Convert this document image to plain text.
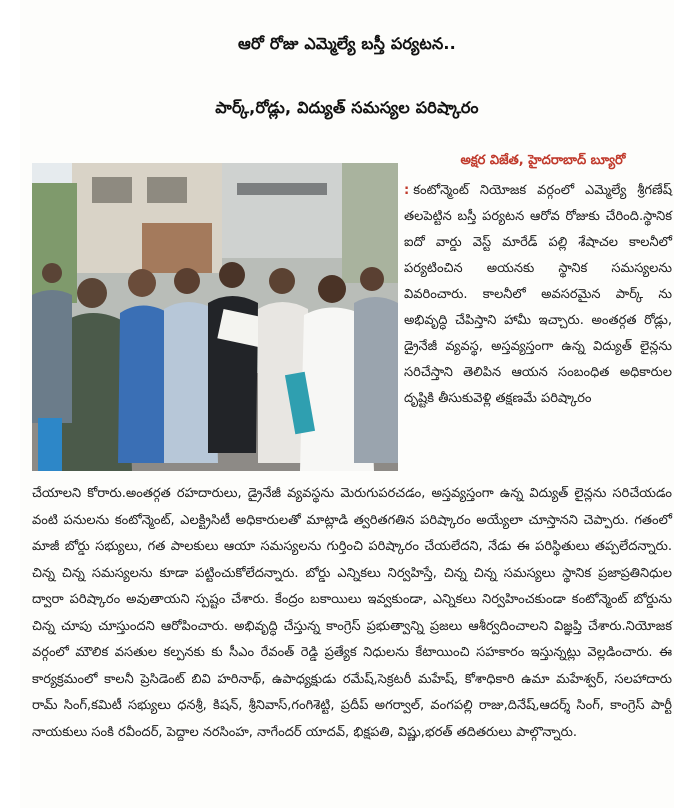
ఆరో రోజు ఎమ్మెల్యే బస్తీ పర్యటన..
పార్క్,రోడ్లు, విద్యుత్ సమస్యల పరిష్కారం
అక్షర విజేత, హైదరాబాద్ బ్యూరో

: కంటోన్మెంట్ నియోజక వర్గంలో ఎమ్మెల్యే శ్రీగణేష్ తలపెట్టిన బస్తీ పర్యటన ఆరోవ రోజుకు చేరింది.స్థానిక ఐదో వార్డు వెస్ట్ మారేడ్ పల్లి శేషాచల కాలనీలో పర్యటించిన అయనకు స్థానిక సమస్యలను వివరించారు. కాలనీలో అవసరమైన పార్క్ ను అభివృద్ధి చేపిస్తాని హామీ ఇచ్చారు. అంతర్గత రోడ్లు, డ్రైనేజీ వ్యవస్థ, అస్తవ్యస్తంగా ఉన్న విద్యుత్ లైన్లను సరిచేస్తాని తెలిపిన ఆయన సంబంధిత అధికారుల దృష్టికి తీసుకువెళ్లి తక్షణమే పరిష్కారం

చేయాలని కోరారు.అంతర్గత రహదారులు, డ్రైనేజీ వ్యవస్థను మెరుగుపరచడం, అస్తవ్యస్తంగా ఉన్న విద్యుత్ లైన్లను సరిచేయడం వంటి పనులను కంటోన్మెంట్, ఎలక్ట్రిసిటీ అధికారులతో మాట్లాడి త్వరితగతిన పరిష్కారం అయ్యేలా చూస్తానని చెప్పారు. గతంలో మాజీ బోర్డు సభ్యులు, గత పాలకులు ఆయా సమస్యలను గుర్తించి పరిష్కారం చేయలేదని, నేడు ఈ పరిస్థితులు తప్పలేదన్నారు. చిన్న చిన్న సమస్యలను కూడా పట్టించుకోలేదన్నారు. బోర్డు ఎన్నికలు నిర్వహిస్తే, చిన్న చిన్న సమస్యలు స్థానిక ప్రజాప్రతినిధుల ద్వారా పరిష్కారం అవుతాయని స్పష్టం చేశారు. కేంద్రం బకాయిలు ఇవ్వకుండా, ఎన్నికలు నిర్వహించకుండా కంటోన్మెంట్ బోర్డును చిన్న చూపు చూస్తుందని ఆరోపించారు. అభివృద్ధి చేస్తున్న కాంగ్రెస్ ప్రభుత్వాన్ని ప్రజలు ఆశీర్వదించాలని విజ్ఞప్తి చేశారు.నియోజక వర్గంలో మౌలిక వసతుల కల్పనకు కు సీఎం రేవంత్ రెడ్డి ప్రత్యేక నిధులను కేటాయించి సహకారం ఇస్తున్నట్లు వెల్లడించారు. ఈ కార్యక్రమంలో కాలనీ ప్రెసిడెంట్ బివి హరినాథ్, ఉపాధ్యక్షుడు రమేష్,సెక్రటరీ మహేష్, కోశాధికారి ఉమా మహేశ్వర్, సలహాదారు రామ్ సింగ్,కమిటీ సభ్యులు ధనశ్రీ, కిషన్, శ్రీనివాస్,గంగిశెట్టి, ప్రదీప్ అగర్వాల్, వంగపల్లి రాజు,దినేష్,ఆదర్శ్ సింగ్, కాంగ్రెస్ పార్టీ నాయకులు సంకి రవీందర్, పెద్దాల నరసింహ, నాగేందర్ యాదవ్, భిక్షపతి, విష్ణు,భరత్ తదితరులు పాల్గొన్నారు.
